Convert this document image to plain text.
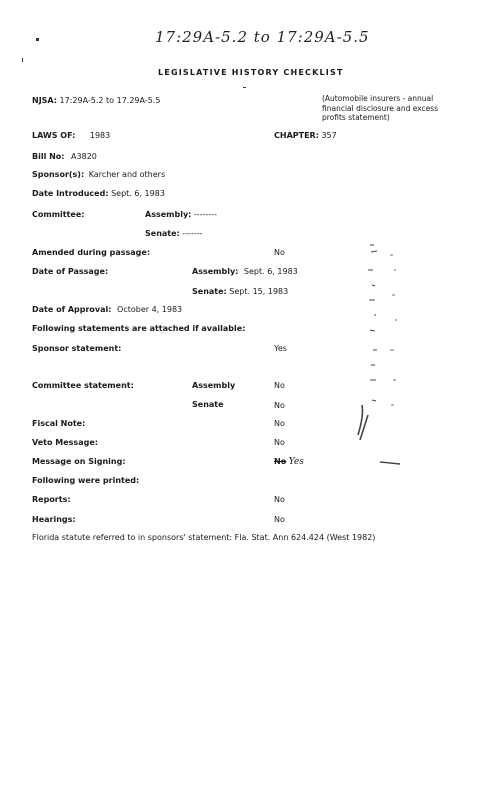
17:29A-5.2 to 17:29A-5.5
LEGISLATIVE HISTORY CHECKLIST
NJSA: 17:29A-5.2 to 17.29A-5.5	(Automobile insurers - annual financial disclosure and excess profits statement)
LAWS OF: 1983	CHAPTER: 357
Bill No: A3820
Sponsor(s): Karcher and others
Date Introduced: Sept. 6, 1983
Committee:	Assembly: --------
Senate: -------
Amended during passage:	No
Date of Passage:	Assembly: Sept. 6, 1983
Senate: Sept. 15, 1983
Date of Approval: October 4, 1983
Following statements are attached if available:
Sponsor statement:	Yes
Committee statement:	Assembly	No
Senate	No
Fiscal Note:	No
Veto Message:	No
Message on Signing:	No Yes
Following were printed:
Reports:	No
Hearings:	No
Florida statute referred to in sponsors' statement: Fla. Stat. Ann 624.424 (West 1982)
